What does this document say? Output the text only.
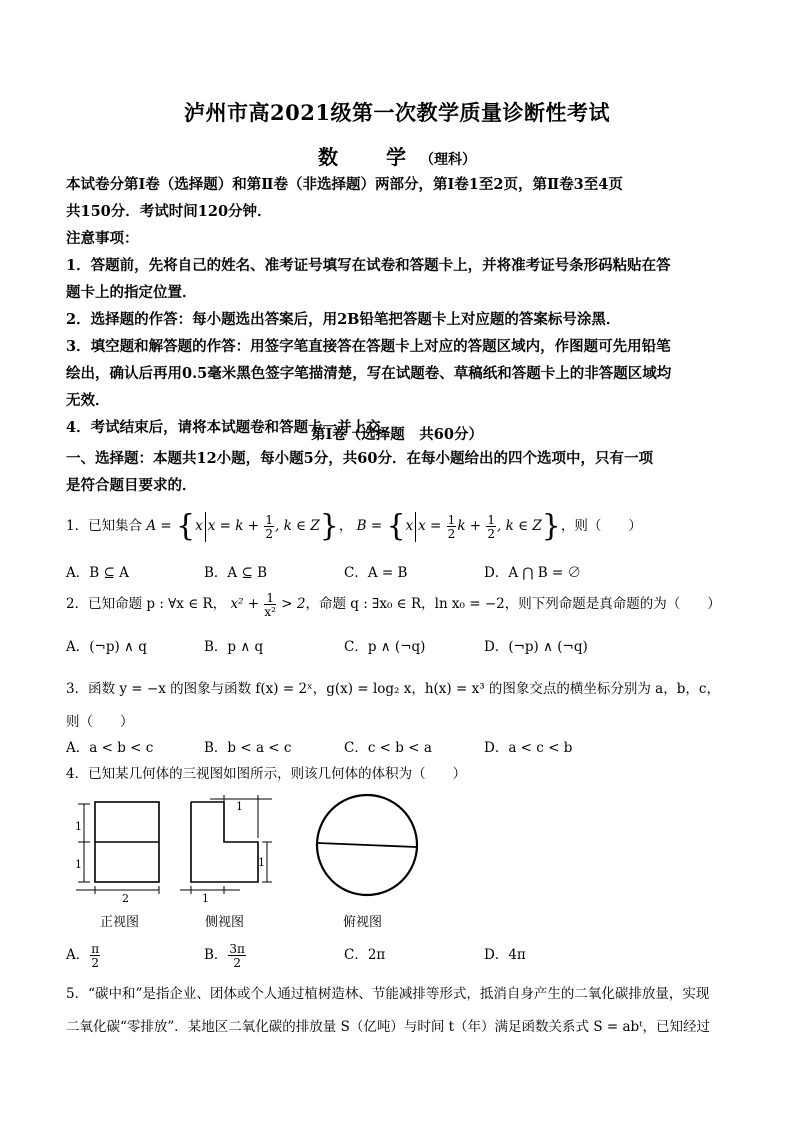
泸州市高2021级第一次教学质量诊断性考试
数　学（理科）

本试卷分第Ⅰ卷（选择题）和第Ⅱ卷（非选择题）两部分，第Ⅰ卷1至2页，第Ⅱ卷3至4页

共150分．考试时间120分钟．

注意事项：

1．答题前，先将自己的姓名、准考证号填写在试卷和答题卡上，并将准考证号条形码粘贴在答

题卡上的指定位置．

2．选择题的作答：每小题选出答案后，用2B铅笔把答题卡上对应题的答案标号涂黑．

3．填空题和解答题的作答：用签字笔直接答在答题卡上对应的答题区域内，作图题可先用铅笔

绘出，确认后再用0.5毫米黑色签字笔描清楚，写在试题卷、草稿纸和答题卡上的非答题区域均

无效．

4．考试结束后，请将本试题卷和答题卡一并上交．

第Ⅰ卷（选择题　共60分）

一、选择题：本题共12小题，每小题5分，共60分．在每小题给出的四个选项中，只有一项

是符合题目要求的．

1．已知集合 A = {x $x = k + \frac{1}{2}$ , k ∈ Z}， B = {x $x = \frac{1}{2}$ $k + \frac{1}{2}$ , k ∈ Z}，则（　　）
A．B ⊆ A	B．A ⊆ B	C．A = B	D．A ⋂ B = ∅
2．已知命题 p : ∀x ∈ R， $x^2 + \frac{1}{\text{x²}} > 2$，命题 q : ∃x₀ ∈ R，ln x₀ = −2，则下列命题是真命题的为（　　）
A．(¬p) ∧ q	B．p ∧ q	C．p ∧ (¬q)	D．(¬p) ∧ (¬q)
3．函数 y = −x 的图象与函数 f(x) = 2ˣ，g(x) = log₂ x，h(x) = x³ 的图象交点的横坐标分别为 a，b，c，
则（　　）
A．a < b < c	B．b < a < c	C．c < b < a	D．a < c < b
4．已知某几何体的三视图如图所示，则该几何体的体积为（　　）
1
1
2
1
1
1
正视图	侧视图	俯视图
A． $\frac{\pi}{2}$	B． $\frac{3\pi}{2}$	C．2π	D．4π
5．“碳中和”是指企业、团体或个人通过植树造林、节能减排等形式，抵消自身产生的二氧化碳排放量，实现
二氧化碳“零排放”．某地区二氧化碳的排放量 S（亿吨）与时间 t（年）满足函数关系式 S = abᵗ，已知经过
